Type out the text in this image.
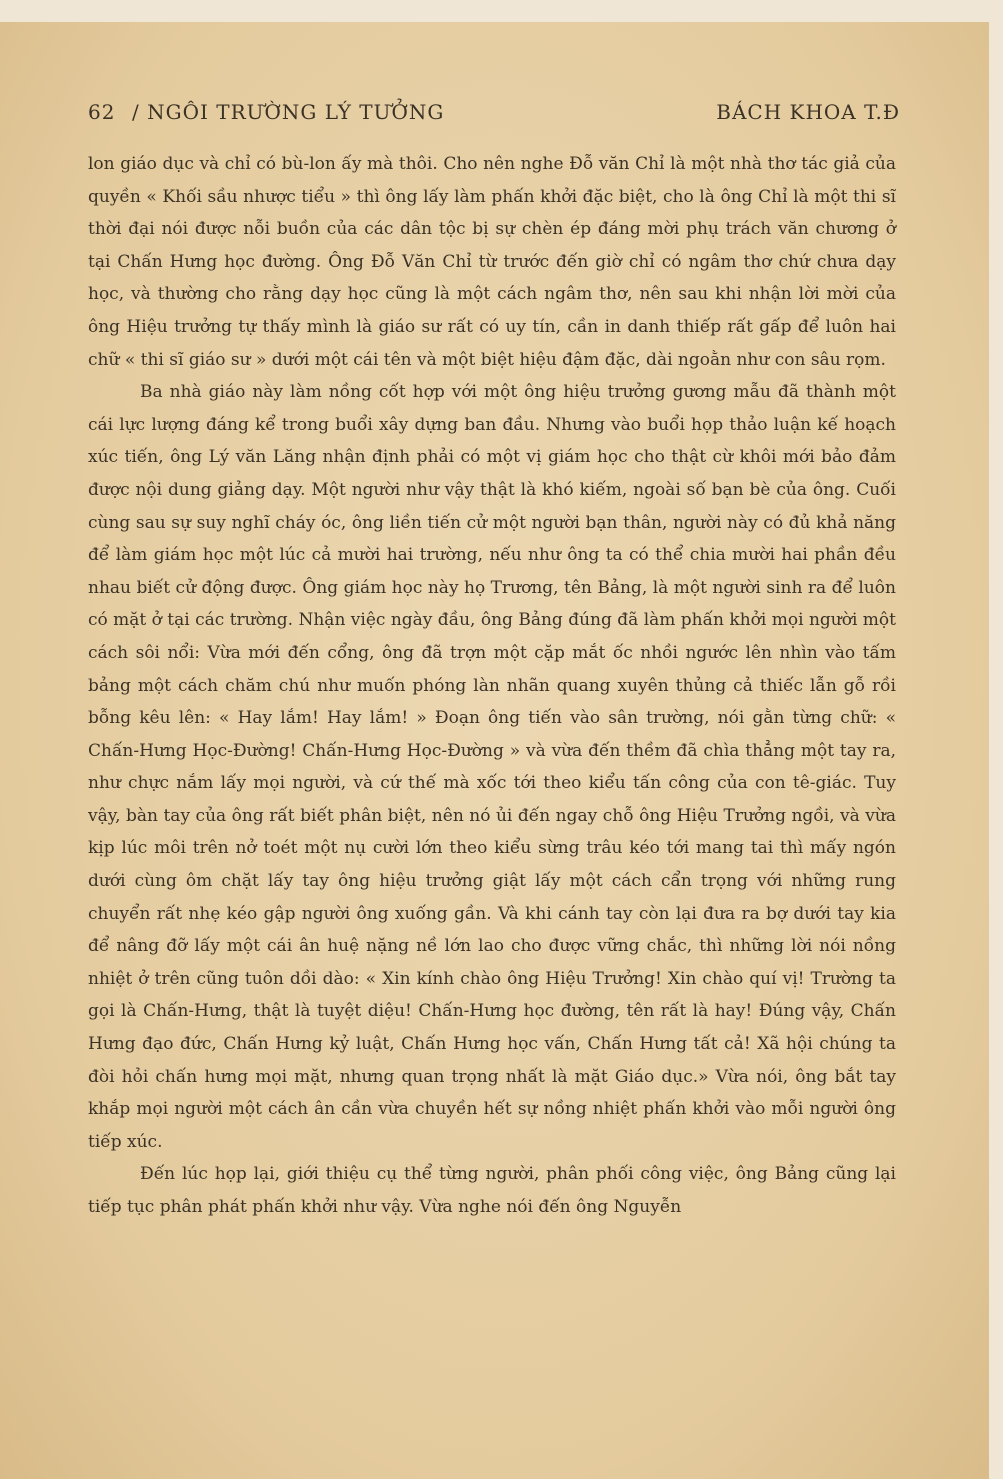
62 / NGÔI TRƯỜNG LÝ TƯỞNG	BÁCH KHOA T.Đ

lon giáo dục và chỉ có bù-lon ấy mà thôi. Cho nên nghe Đỗ văn Chỉ là một nhà thơ tác giả của quyền « Khối sầu nhược tiểu » thì ông lấy làm phấn khởi đặc biệt, cho là ông Chỉ là một thi sĩ thời đại nói được nỗi buồn của các dân tộc bị sự chèn ép đáng mời phụ trách văn chương ở tại Chấn Hưng học đường. Ông Đỗ Văn Chỉ từ trước đến giờ chỉ có ngâm thơ chứ chưa dạy học, và thường cho rằng dạy học cũng là một cách ngâm thơ, nên sau khi nhận lời mời của ông Hiệu trưởng tự thấy mình là giáo sư rất có uy tín, cần in danh thiếp rất gấp để luôn hai chữ « thi sĩ giáo sư » dưới một cái tên và một biệt hiệu đậm đặc, dài ngoằn như con sâu rọm.

Ba nhà giáo này làm nồng cốt hợp với một ông hiệu trưởng gương mẫu đã thành một cái lực lượng đáng kể trong buổi xây dựng ban đầu. Nhưng vào buổi họp thảo luận kế hoạch xúc tiến, ông Lý văn Lăng nhận định phải có một vị giám học cho thật cừ khôi mới bảo đảm được nội dung giảng dạy. Một người như vậy thật là khó kiếm, ngoài số bạn bè của ông. Cuối cùng sau sự suy nghĩ cháy óc, ông liền tiến cử một người bạn thân, người này có đủ khả năng để làm giám học một lúc cả mười hai trường, nếu như ông ta có thể chia mười hai phần đều nhau biết cử động được. Ông giám học này họ Trương, tên Bảng, là một người sinh ra để luôn có mặt ở tại các trường. Nhận việc ngày đầu, ông Bảng đúng đã làm phấn khởi mọi người một cách sôi nổi: Vừa mới đến cổng, ông đã trợn một cặp mắt ốc nhồi ngước lên nhìn vào tấm bảng một cách chăm chú như muốn phóng làn nhãn quang xuyên thủng cả thiếc lẫn gỗ rồi bỗng kêu lên: « Hay lắm! Hay lắm! » Đoạn ông tiến vào sân trường, nói gằn từng chữ: « Chấn-Hưng Học-Đường! Chấn-Hưng Học-Đường » và vừa đến thềm đã chìa thẳng một tay ra, như chực nắm lấy mọi người, và cứ thế mà xốc tới theo kiểu tấn công của con tê-giác. Tuy vậy, bàn tay của ông rất biết phân biệt, nên nó ủi đến ngay chỗ ông Hiệu Trưởng ngồi, và vừa kịp lúc môi trên nở toét một nụ cười lớn theo kiểu sừng trâu kéo tới mang tai thì mấy ngón dưới cùng ôm chặt lấy tay ông hiệu trưởng giật lấy một cách cẩn trọng với những rung chuyển rất nhẹ kéo gập người ông xuống gần. Và khi cánh tay còn lại đưa ra bợ dưới tay kia để nâng đỡ lấy một cái ân huệ nặng nề lớn lao cho được vững chắc, thì những lời nói nồng nhiệt ở trên cũng tuôn dồi dào: « Xin kính chào ông Hiệu Trưởng! Xin chào quí vị! Trường ta gọi là Chấn-Hưng, thật là tuyệt diệu! Chấn-Hưng học đường, tên rất là hay! Đúng vậy, Chấn Hưng đạo đức, Chấn Hưng kỷ luật, Chấn Hưng học vấn, Chấn Hưng tất cả! Xã hội chúng ta đòi hỏi chấn hưng mọi mặt, nhưng quan trọng nhất là mặt Giáo dục.» Vừa nói, ông bắt tay khắp mọi người một cách ân cần vừa chuyền hết sự nồng nhiệt phấn khởi vào mỗi người ông tiếp xúc.

Đến lúc họp lại, giới thiệu cụ thể từng người, phân phối công việc, ông Bảng cũng lại tiếp tục phân phát phấn khởi như vậy. Vừa nghe nói đến ông Nguyễn
